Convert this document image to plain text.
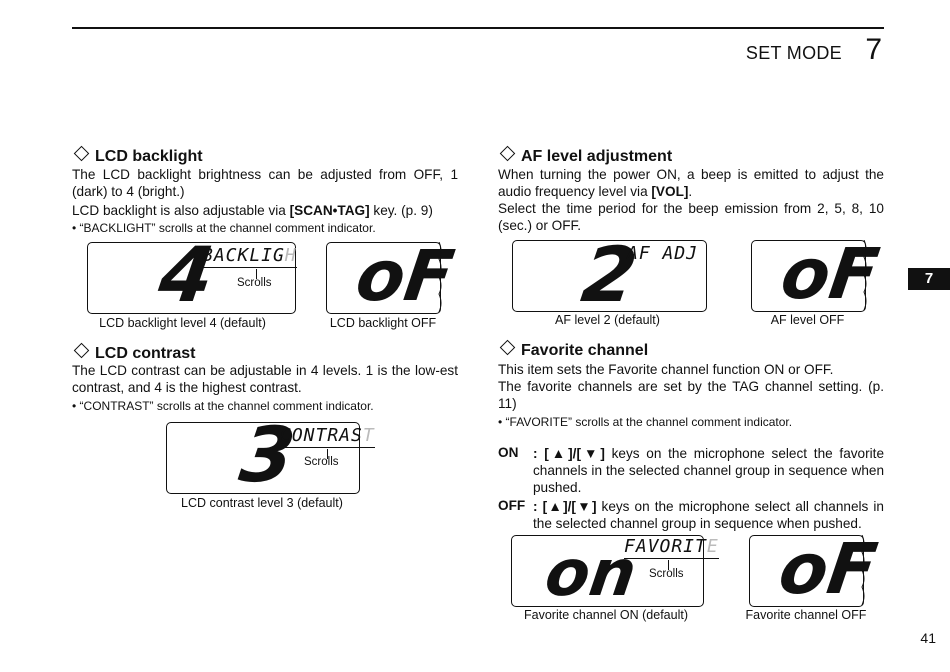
SET MODE 7
7
LCD backlight
The LCD backlight brightness can be adjusted from OFF, 1 (dark) to 4 (bright.)
LCD backlight is also adjustable via [SCAN•TAG] key. (p. 9)
• “BACKLIGHT” scrolls at the channel comment indicator.
4
BACKLIGH
Scrolls
LCD backlight level 4 (default)
oF
LCD backlight OFF
LCD contrast
The LCD contrast can be adjustable in 4 levels. 1 is the low-est contrast, and 4 is the highest contrast.
• “CONTRAST” scrolls at the channel comment indicator.
3
CONTRAST
Scrolls
LCD contrast level 3 (default)
AF level adjustment
When turning the power ON, a beep is emitted to adjust the audio frequency level via [VOL].
Select the time period for the beep emission from 2, 5, 8, 10 (sec.) or OFF.
2
AF ADJ
AF level 2 (default)
oF
AF level OFF
Favorite channel
This item sets the Favorite channel function ON or OFF.
The favorite channels are set by the TAG channel setting. (p. 11)
• “FAVORITE” scrolls at the channel comment indicator.
ON : [▲]/[▼] keys on the microphone select the favorite channels in the selected channel group in sequence when pushed.
OFF : [▲]/[▼] keys on the microphone select all channels in the selected channel group in sequence when pushed.
on
FAVORITE
Scrolls
Favorite channel ON (default)
oF
Favorite channel OFF
41
